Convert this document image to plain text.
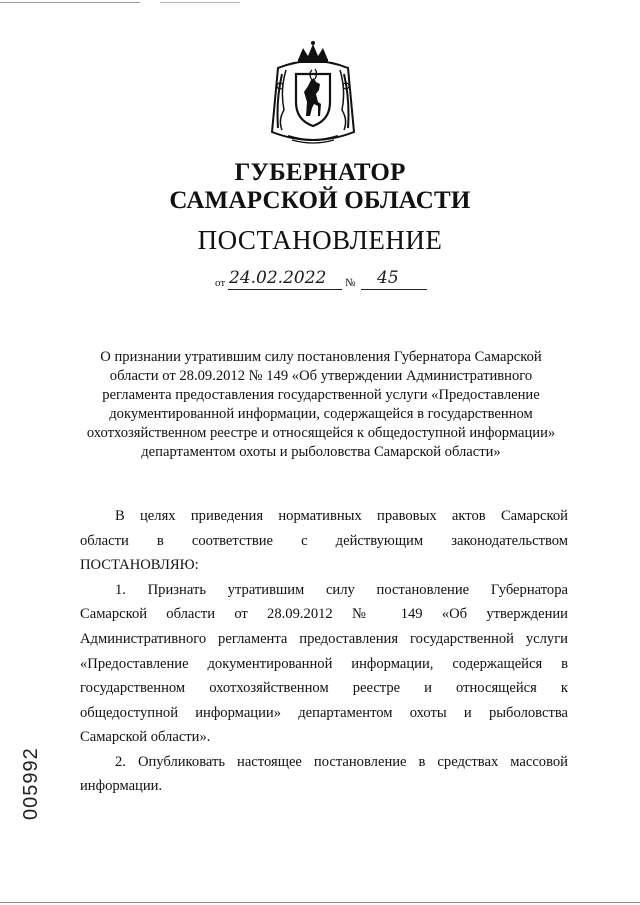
ГУБЕРНАТОР
САМАРСКОЙ ОБЛАСТИ
ПОСТАНОВЛЕНИЕ
от 24.02.2022 № 45
О признании утратившим силу постановления Губернатора Самарской
области от 28.09.2012 № 149 «Об утверждении Административного
регламента предоставления государственной услуги «Предоставление
документированной информации, содержащейся в государственном
охотхозяйственном реестре и относящейся к общедоступной информации»
департаментом охоты и рыболовства Самарской области»
В целях приведения нормативных правовых актов Самарской
области в соответствие с действующим законодательством
ПОСТАНОВЛЯЮ:
1. Признать утратившим силу постановление Губернатора
Самарской области от 28.09.2012 № 149 «Об утверждении
Административного регламента предоставления государственной услуги
«Предоставление документированной информации, содержащейся в
государственном охотхозяйственном реестре и относящейся к
общедоступной информации» департаментом охоты и рыболовства
Самарской области».
2. Опубликовать настоящее постановление в средствах массовой
информации.
005992
